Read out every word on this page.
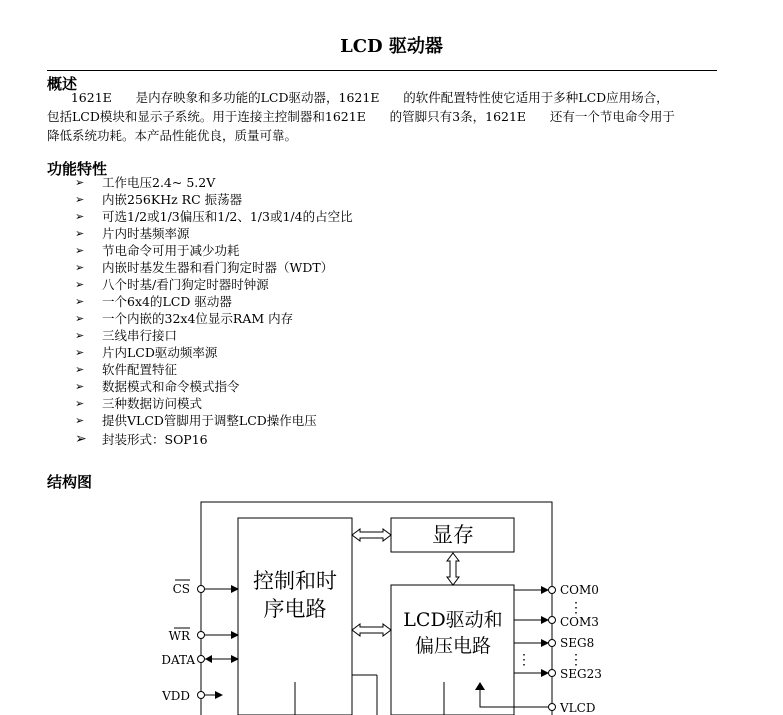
LCD 驱动器
概述
1621E      是内存映象和多功能的LCD驱动器，1621E      的软件配置特性使它适用于多种LCD应用场合，
包括LCD模块和显示子系统。用于连接主控制器和1621E      的管脚只有3条，1621E      还有一个节电命令用于
降低系统功耗。本产品性能优良，质量可靠。
功能特性
➢	工作电压2.4~ 5.2V
➢	内嵌256KHz RC 振荡器
➢	可选1/2或1/3偏压和1/2、1/3或1/4的占空比
➢	片内时基频率源
➢	节电命令可用于减少功耗
➢	内嵌时基发生器和看门狗定时器（WDT）
➢	八个时基/看门狗定时器时钟源
➢	一个6x4的LCD 驱动器
➢	一个内嵌的32x4位显示RAM 内存
➢	三线串行接口
➢	片内LCD驱动频率源
➢	软件配置特征
➢	数据模式和命令模式指令
➢	三种数据访问模式
➢	提供VLCD管脚用于调整LCD操作电压
➢	封装形式：SOP16
结构图
控制和时
序电路
显存
LCD驱动和
偏压电路
CS
WR
DATA
VDD
COM0
⋮
COM3
SEG8
⋮	⋮
SEG23
VLCD
